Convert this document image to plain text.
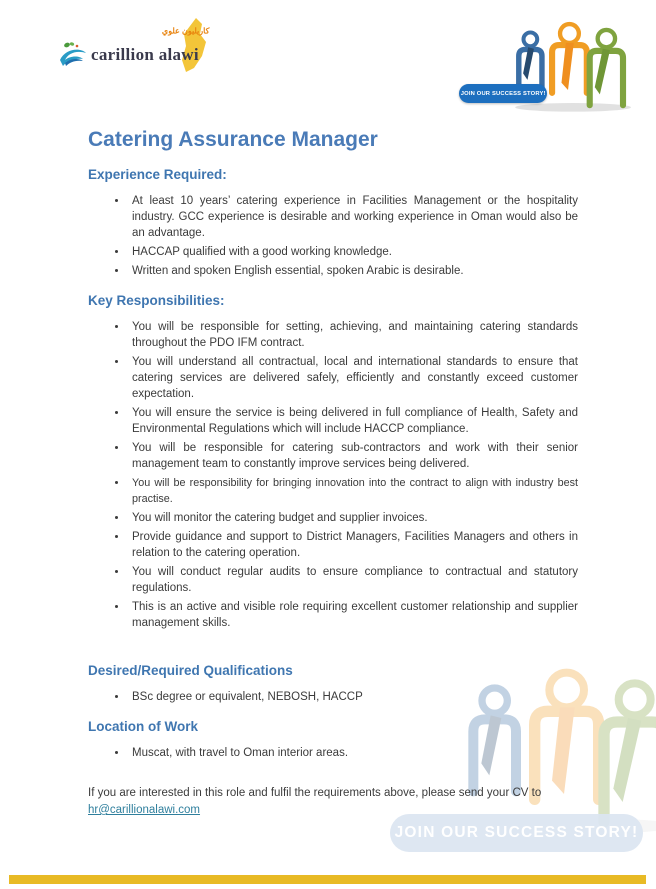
كاريليون علوي
carillion alawi
JOIN OUR SUCCESS STORY!
Catering Assurance Manager
Experience Required:
• At least 10 years’ catering experience in Facilities Management or the hospitality industry. GCC experience is desirable and working experience in Oman would also be an advantage.
• HACCAP qualified with a good working knowledge.
• Written and spoken English essential, spoken Arabic is desirable.
Key Responsibilities:
• You will be responsible for setting, achieving, and maintaining catering standards throughout the PDO IFM contract.
• You will understand all contractual, local and international standards to ensure that catering services are delivered safely, efficiently and constantly exceed customer expectation.
• You will ensure the service is being delivered in full compliance of Health, Safety and Environmental Regulations which will include HACCP compliance.
• You will be responsible for catering sub-contractors and work with their senior management team to constantly improve services being delivered.
• You will be responsibility for bringing innovation into the contract to align with industry best practise.
• You will monitor the catering budget and supplier invoices.
• Provide guidance and support to District Managers, Facilities Managers and others in relation to the catering operation.
• You will conduct regular audits to ensure compliance to contractual and statutory regulations.
• This is an active and visible role requiring excellent customer relationship and supplier management skills.
Desired/Required Qualifications
• BSc degree or equivalent, NEBOSH, HACCP
Location of Work
• Muscat, with travel to Oman interior areas.

If you are interested in this role and fulfil the requirements above, please send your CV to
hr@carillionalawi.com

JOIN OUR SUCCESS STORY!
